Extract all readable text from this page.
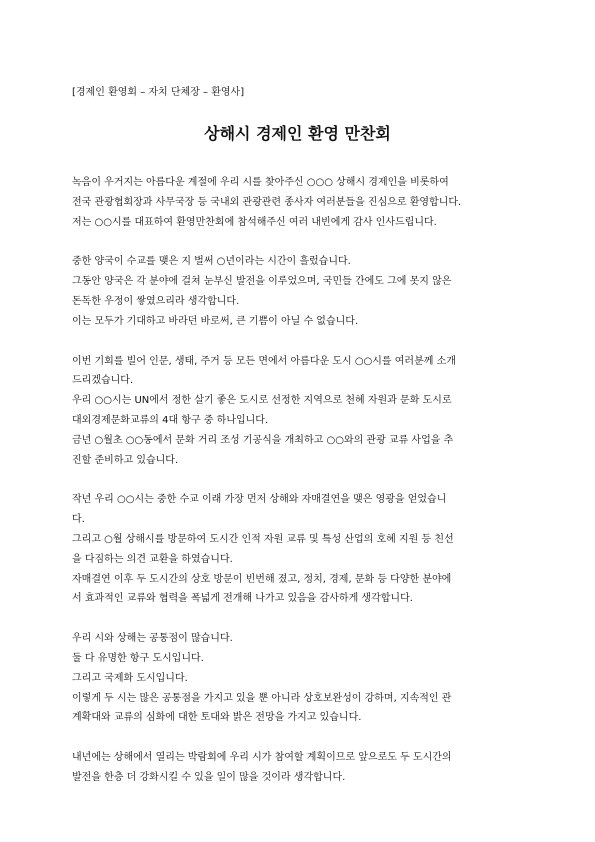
[경제인 환영회 – 자치 단체장 – 환영사]
상해시 경제인 환영 만찬회
녹음이 우거지는 아름다운 계절에 우리 시를 찾아주신 ○○○ 상해시 경제인을 비롯하여
전국 관광협회장과 사무국장 등 국내외 관광관련 종사자 여러분들을 진심으로 환영합니다.
저는 ○○시를 대표하여 환영만찬회에 참석해주신 여러 내빈에게 감사 인사드립니다.
중한 양국이 수교를 맺은 지 벌써 ○년이라는 시간이 흘렀습니다.
그동안 양국은 각 분야에 걸쳐 눈부신 발전을 이루었으며, 국민들 간에도 그에 못지 않은
돈독한 우정이 쌓였으리라 생각합니다.
이는 모두가 기대하고 바라던 바로써, 큰 기쁨이 아닐 수 없습니다.
이번 기회를 빌어 인문, 생태, 주거 등 모든 면에서 아름다운 도시 ○○시를 여러분께 소개
드리겠습니다.
우리 ○○시는 UN에서 정한 살기 좋은 도시로 선정한 지역으로 천혜 자원과 문화 도시로
대외경제문화교류의 4대 항구 중 하나입니다.
금년 ○월초 ○○동에서 문화 거리 조성 기공식을 개최하고 ○○와의 관광 교류 사업을 추
진할 준비하고 있습니다.
작년 우리 ○○시는 중한 수교 이래 가장 먼저 상해와 자매결연을 맺은 영광을 얻었습니
다.
그리고 ○월 상해시를 방문하여 도시간 인적 자원 교류 및 특성 산업의 호혜 지원 등 친선
을 다짐하는 의견 교환을 하였습니다.
자매결연 이후 두 도시간의 상호 방문이 빈번해 졌고, 정치, 경제, 문화 등 다양한 분야에
서 효과적인 교류와 협력을 폭넓게 전개해 나가고 있음을 감사하게 생각합니다.
우리 시와 상해는 공통점이 많습니다.
둘 다 유명한 항구 도시입니다.
그리고 국제화 도시입니다.
이렇게 두 시는 많은 공통점을 가지고 있을 뿐 아니라 상호보완성이 강하며, 지속적인 관
계확대와 교류의 심화에 대한 토대와 밝은 전망을 가지고 있습니다.
내년에는 상해에서 열리는 박람회에 우리 시가 참여할 계획이므로 앞으로도 두 도시간의
발전을 한층 더 강화시킬 수 있을 일이 많을 것이라 생각합니다.
